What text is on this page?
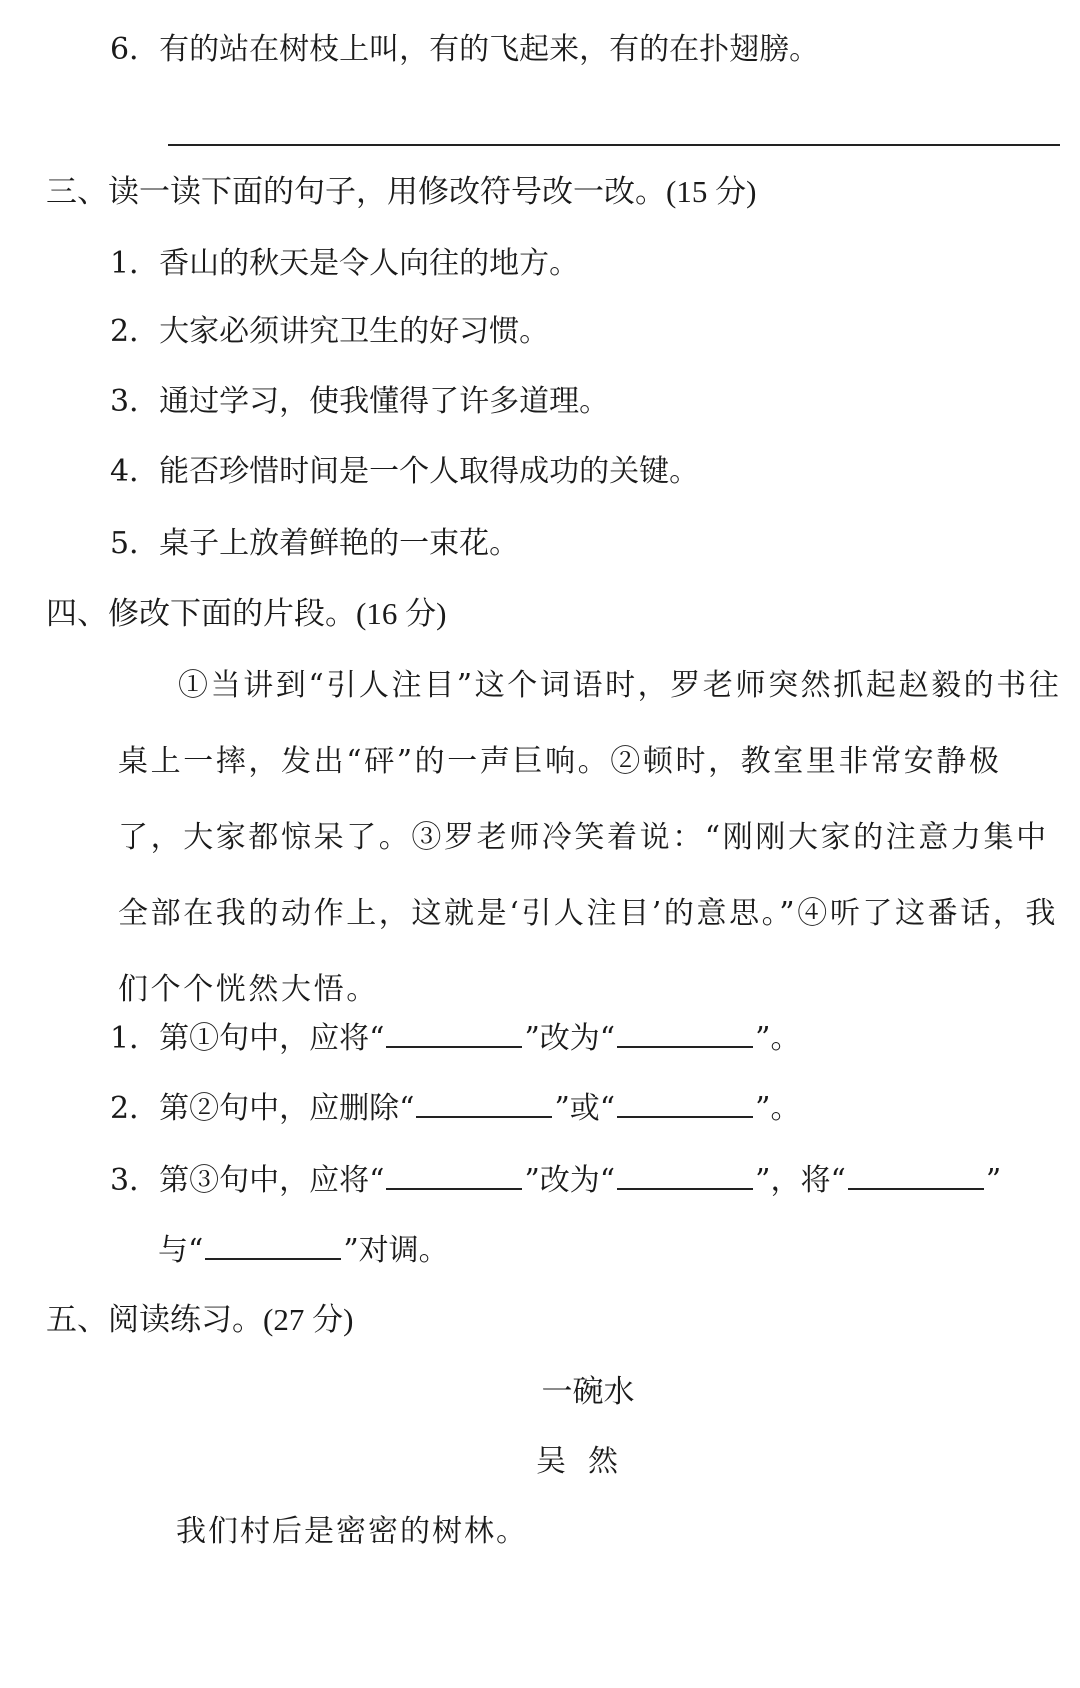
6．有的站在树枝上叫，有的飞起来，有的在扑翅膀。
三、读一读下面的句子，用修改符号改一改。(15 分)
1．香山的秋天是令人向往的地方。
2．大家必须讲究卫生的好习惯。
3．通过学习，使我懂得了许多道理。
4．能否珍惜时间是一个人取得成功的关键。
5．桌子上放着鲜艳的一束花。
四、修改下面的片段。(16 分)
①当讲到“引人注目”这个词语时，罗老师突然抓起赵毅的书往桌上一摔，发出“砰”的一声巨响。②顿时，教室里非常安静极了，大家都惊呆了。③罗老师冷笑着说：“刚刚大家的注意力集中全部在我的动作上，这就是‘引人注目’的意思。”④听了这番话，我们个个恍然大悟。
1．第①句中，应将“	”改为“	”。
2．第②句中，应删除“	”或“	”。
3．第③句中，应将“	”改为“	”，将“	”
与“	”对调。
五、阅读练习。(27 分)
一碗水
吴然
我们村后是密密的树林。
